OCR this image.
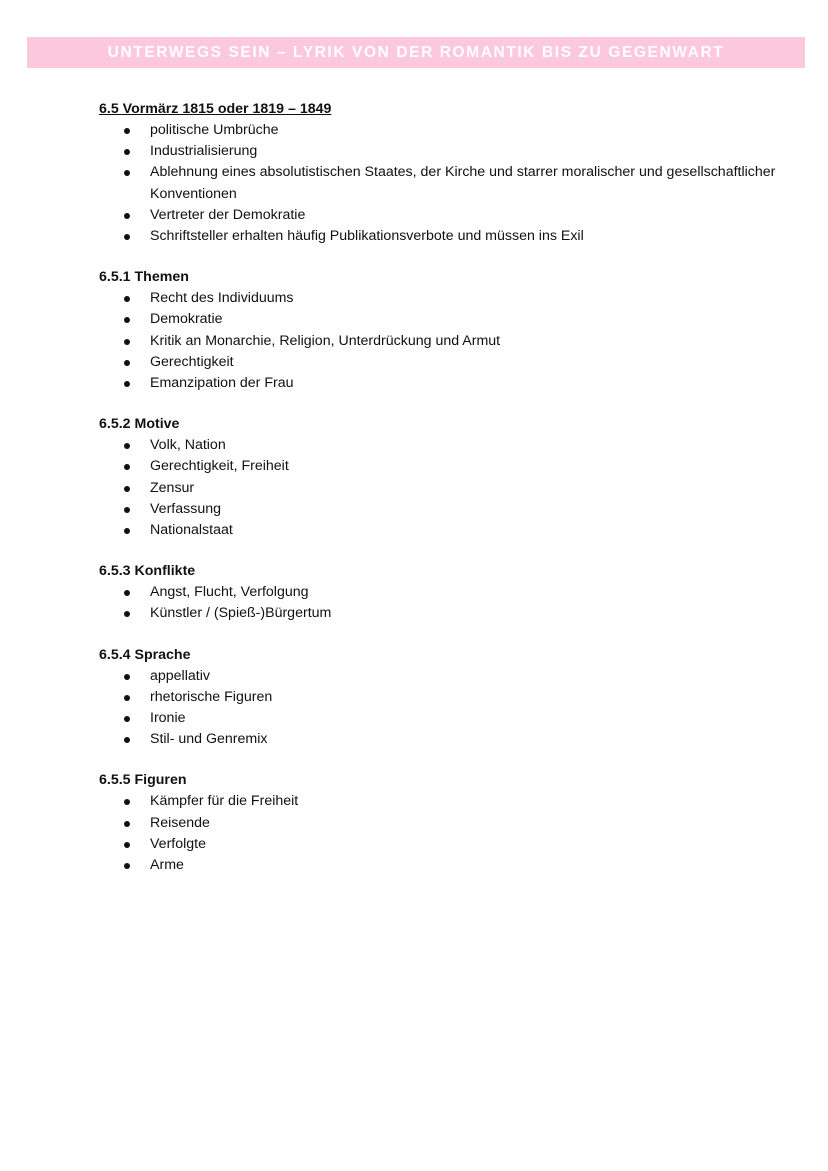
UNTERWEGS SEIN – LYRIK VON DER ROMANTIK BIS ZU GEGENWART

6.5 Vormärz 1815 oder 1819 – 1849

politische Umbrüche
Industrialisierung
Ablehnung eines absolutistischen Staates, der Kirche und starrer moralischer und gesellschaftlicher Konventionen
Vertreter der Demokratie
Schriftsteller erhalten häufig Publikationsverbote und müssen ins Exil

6.5.1 Themen

Recht des Individuums
Demokratie
Kritik an Monarchie, Religion, Unterdrückung und Armut
Gerechtigkeit
Emanzipation der Frau

6.5.2 Motive

Volk, Nation
Gerechtigkeit, Freiheit
Zensur
Verfassung
Nationalstaat

6.5.3 Konflikte

Angst, Flucht, Verfolgung
Künstler / (Spieß-)Bürgertum

6.5.4 Sprache

appellativ
rhetorische Figuren
Ironie
Stil- und Genremix

6.5.5 Figuren

Kämpfer für die Freiheit
Reisende
Verfolgte
Arme
